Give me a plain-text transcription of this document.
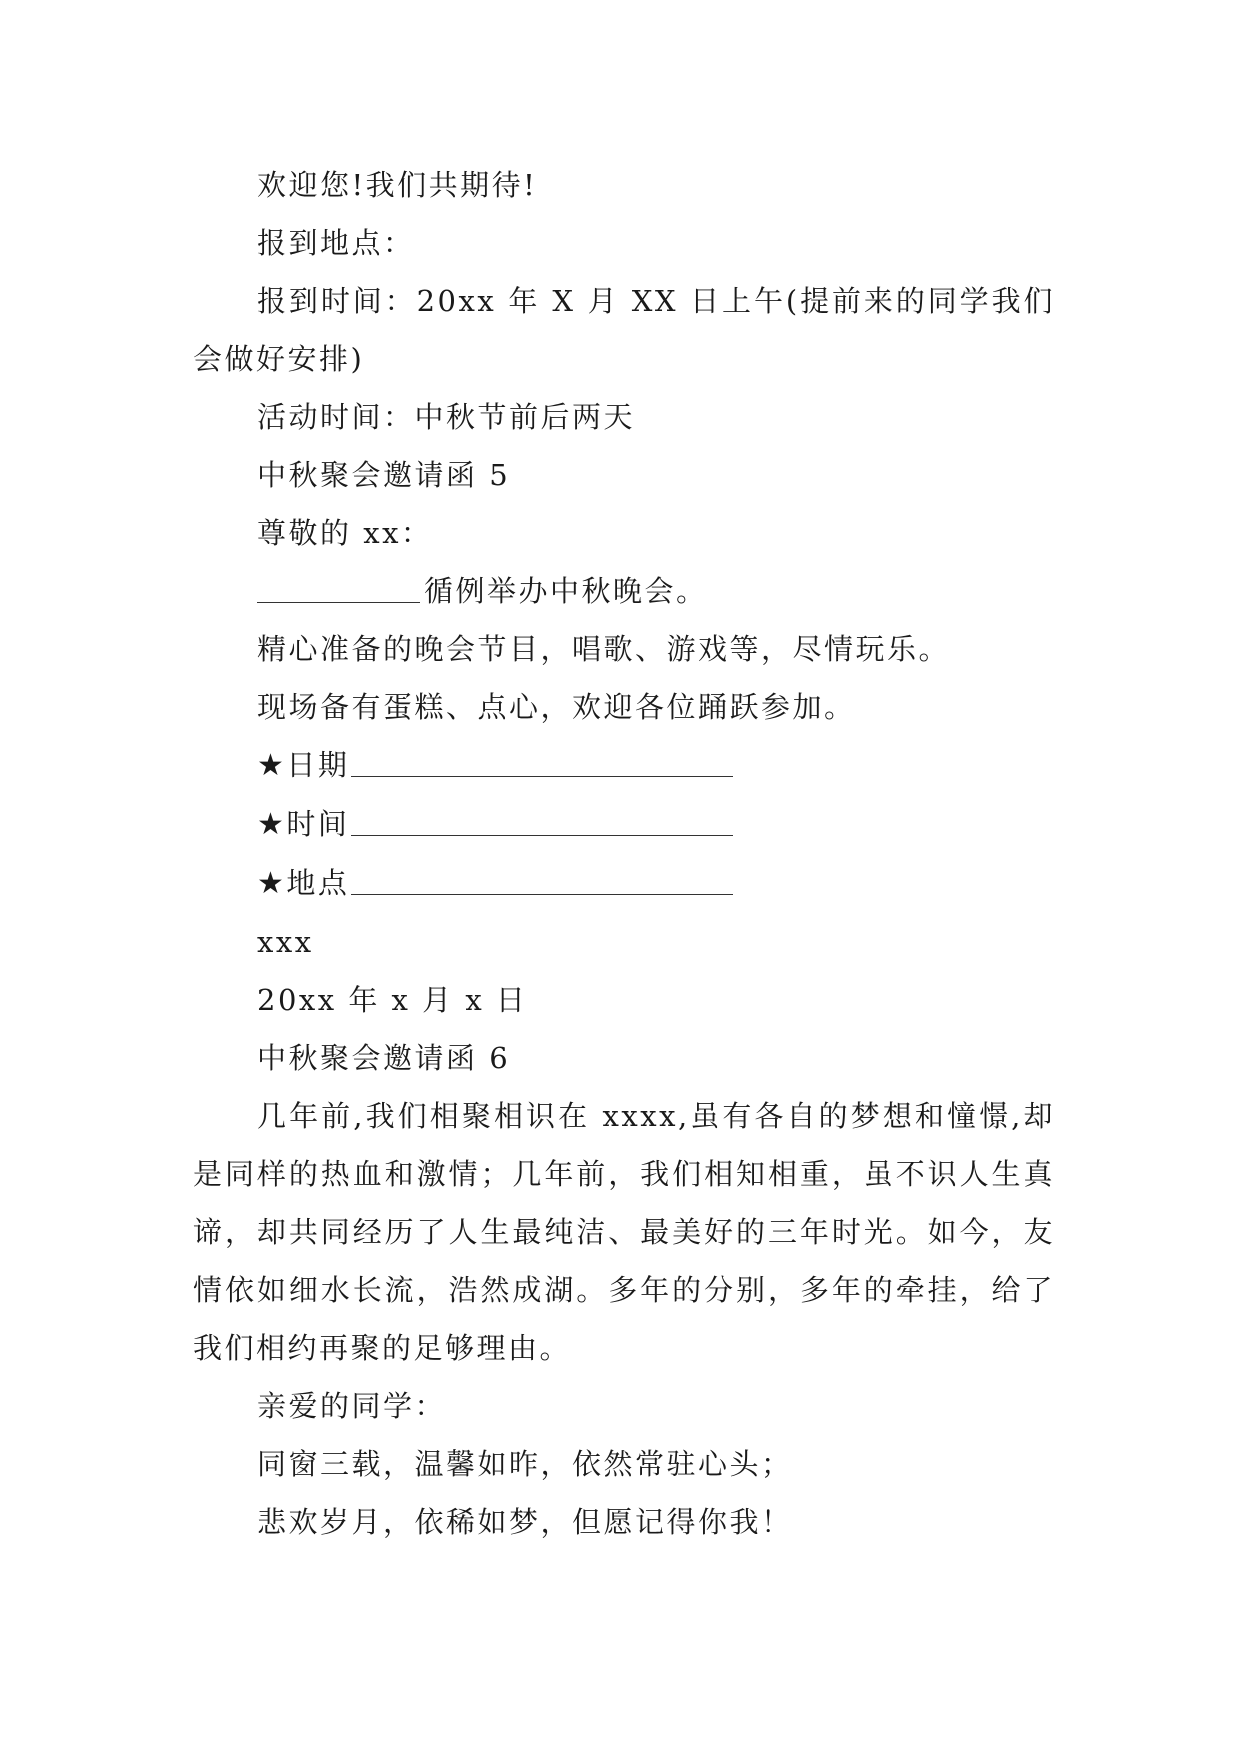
欢迎您!我们共期待!

报到地点：

报到时间：20xx 年 X 月 XX 日上午(提前来的同学我们会做好安排)

活动时间：中秋节前后两天

中秋聚会邀请函 5

尊敬的 xx：

循例举办中秋晚会。

精心准备的晚会节目，唱歌、游戏等，尽情玩乐。

现场备有蛋糕、点心，欢迎各位踊跃参加。

★日期

★时间

★地点

xxx

20xx 年 x 月 x 日

中秋聚会邀请函 6

几年前,我们相聚相识在 xxxx,虽有各自的梦想和憧憬,却是同样的热血和激情；几年前，我们相知相重，虽不识人生真谛，却共同经历了人生最纯洁、最美好的三年时光。如今，友情依如细水长流，浩然成湖。多年的分别，多年的牵挂，给了我们相约再聚的足够理由。

亲爱的同学：

同窗三载，温馨如昨，依然常驻心头；

悲欢岁月，依稀如梦，但愿记得你我！
